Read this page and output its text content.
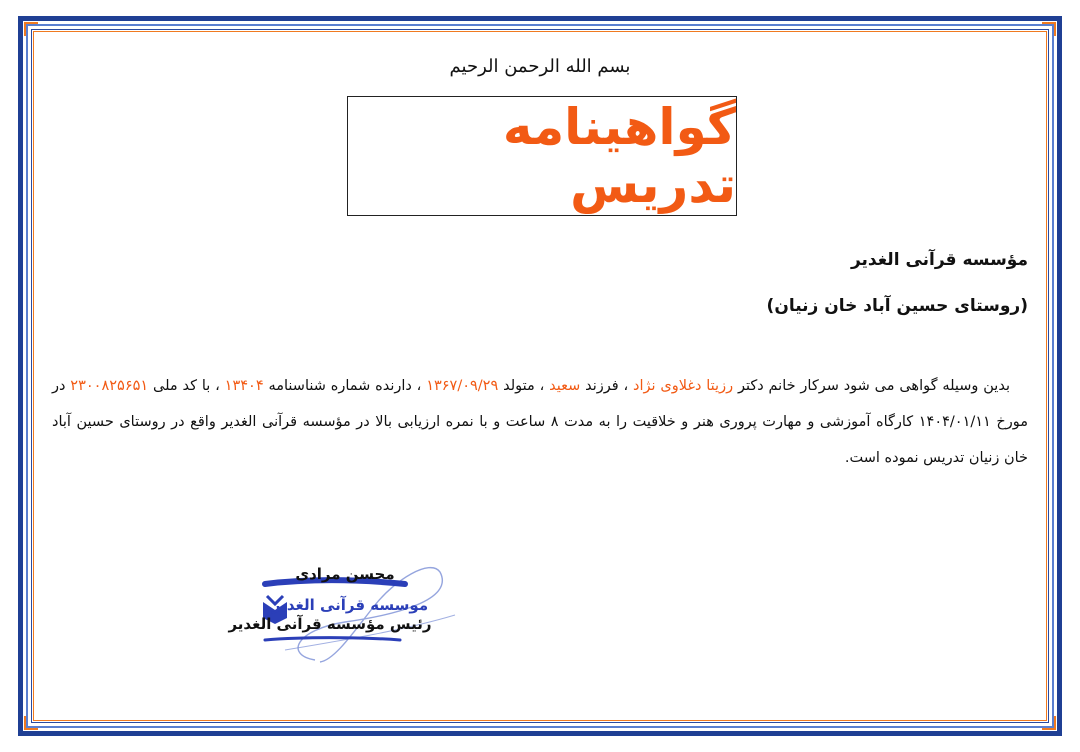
بسم الله الرحمن الرحيم
گواهینامه تدریس
مؤسسه قرآنی الغدیر
(روستای حسین آباد خان زنیان)
بدین وسیله گواهی می شود سرکار خانم دکتر رزیتا دغلاوی نژاد ، فرزند سعید ، متولد ۱۳۶۷/۰۹/۲۹ ، دارنده شماره شناسنامه ۱۳۴۰۴ ، با کد ملی ۲۳۰۰۸۲۵۶۵۱ در مورخ ۱۴۰۴/۰۱/۱۱ کارگاه آموزشی و مهارت پروری هنر و خلاقیت را به مدت ۸ ساعت و با نمره ارزیابی بالا در مؤسسه قرآنی الغدیر واقع در روستای حسین آباد خان زنیان تدریس نموده است.
موسسه قرآنی الغدیر
محسن مرادی
رئیس مؤسسه قرآنی الغدیر
